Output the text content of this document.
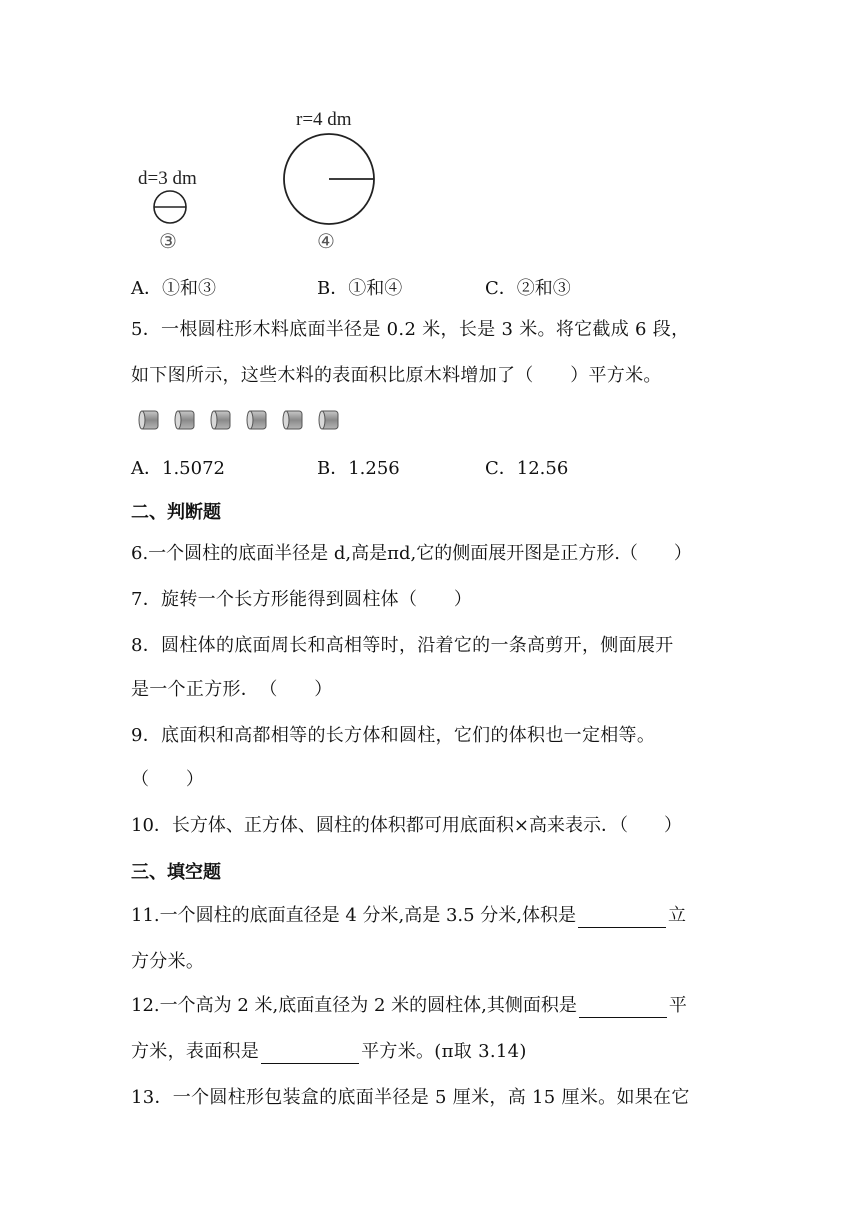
d=3 dm
③
r=4 dm
④
A．①和③	B．①和④	C．②和③
5．一根圆柱形木料底面半径是 0.2 米，长是 3 米。将它截成 6 段，
如下图所示，这些木料的表面积比原木料增加了（　　）平方米。
A．1.5072	B．1.256	C．12.56
二、判断题
6.一个圆柱的底面半径是 d,高是πd,它的侧面展开图是正方形.（　　）
7．旋转一个长方形能得到圆柱体（　　）
8．圆柱体的底面周长和高相等时，沿着它的一条高剪开，侧面展开
是一个正方形．　（　　）
9．底面积和高都相等的长方体和圆柱，它们的体积也一定相等。
（　　）
10．长方体、正方体、圆柱的体积都可用底面积×高来表示．（　　）
三、填空题
11.一个圆柱的底面直径是 4 分米,高是 3.5 分米,体积是	立
方分米。
12.一个高为 2 米,底面直径为 2 米的圆柱体,其侧面积是	平
方米，表面积是	平方米。(π取 3.14)
13．一个圆柱形包装盒的底面半径是 5 厘米，高 15 厘米。如果在它
